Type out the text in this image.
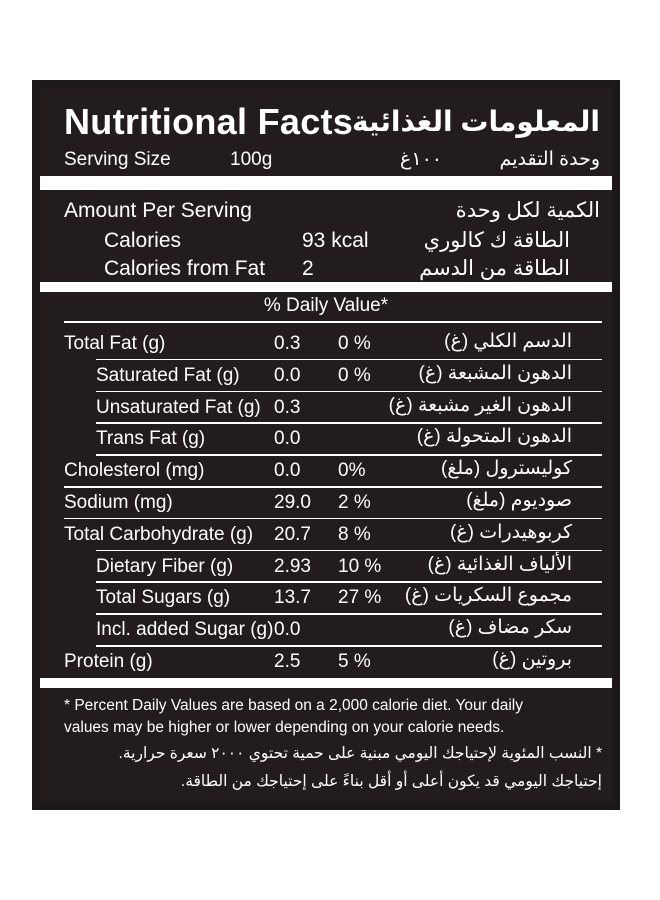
Nutritional Facts
المعلومات الغذائية
Serving Size	100g	١٠٠غ	وحدة التقديم
Amount Per Serving	الكمية لكل وحدة
Calories	93 kcal	الطاقة ك كالوري
Calories from Fat 2	الطاقة من الدسم
% Daily Value*
Total Fat (g)	0.3 0 %	الدسم الكلي (غ)
Saturated Fat (g) 0.0 0 %	الدهون المشبعة (غ)
Unsaturated Fat (g) 0.3	الدهون الغير مشبعة (غ)
Trans Fat (g)	0.0	الدهون المتحولة (غ)
Cholesterol (mg)	0.0 0%	كوليسترول (ملغ)
Sodium (mg)	29.0 2 %	صوديوم (ملغ)
Total Carbohydrate (g) 20.7 8 %	كربوهيدرات (غ)
Dietary Fiber (g) 2.93 10 % الألياف الغذائية (غ)
Total Sugars (g) 13.7 27 % مجموع السكريات (غ)
Incl. added Sugar (g) 0.0	سكر مضاف (غ)
Protein (g)	2.5 5 %	بروتين (غ)
* Percent Daily Values are based on a 2,000 calorie diet. Your daily
values may be higher or lower depending on your calorie needs.
* النسب المئوية لإحتياجك اليومي مبنية على حمية تحتوي ٢٠٠٠ سعرة حرارية.
إحتياجك اليومي قد يكون أعلى أو أقل بناءً على إحتياجك من الطاقة.
